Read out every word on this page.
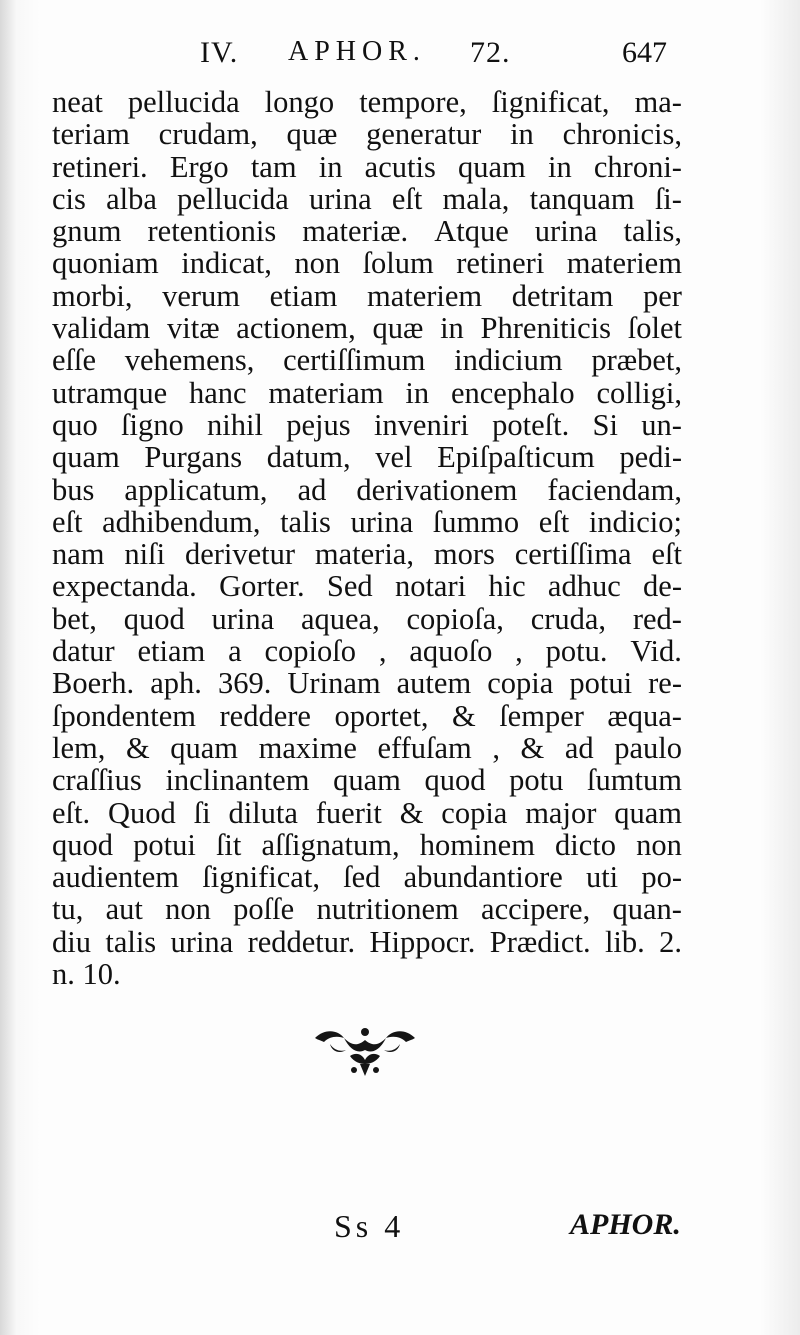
IV. APHOR. 72.	647
neat pellucida longo tempore, ſignificat, ma-
teriam crudam, quæ generatur in chronicis,
retineri. Ergo tam in acutis quam in chroni-
cis alba pellucida urina eſt mala, tanquam ſi-
gnum retentionis materiæ. Atque urina talis,
quoniam indicat, non ſolum retineri materiem
morbi, verum etiam materiem detritam per
validam vitæ actionem, quæ in Phreniticis ſolet
eſſe vehemens, certiſſimum indicium præbet,
utramque hanc materiam in encephalo colligi,
quo ſigno nihil pejus inveniri poteſt. Si un-
quam Purgans datum, vel Epiſpaſticum pedi-
bus applicatum, ad derivationem faciendam,
eſt adhibendum, talis urina ſummo eſt indicio;
nam niſi derivetur materia, mors certiſſima eſt
expectanda. Gorter. Sed notari hic adhuc de-
bet, quod urina aquea, copioſa, cruda, red-
datur etiam a copioſo , aquoſo , potu. Vid.
Boerh. aph. 369. Urinam autem copia potui re-
ſpondentem reddere oportet, & ſemper æqua-
lem, & quam maxime effuſam , & ad paulo
craſſius inclinantem quam quod potu ſumtum
eſt. Quod ſi diluta fuerit & copia major quam
quod potui ſit aſſignatum, hominem dicto non
audientem ſignificat, ſed abundantiore uti po-
tu, aut non poſſe nutritionem accipere, quan-
diu talis urina reddetur. Hippocr. Prædict. lib. 2.
n. 10.
Ss 4	APHOR.
